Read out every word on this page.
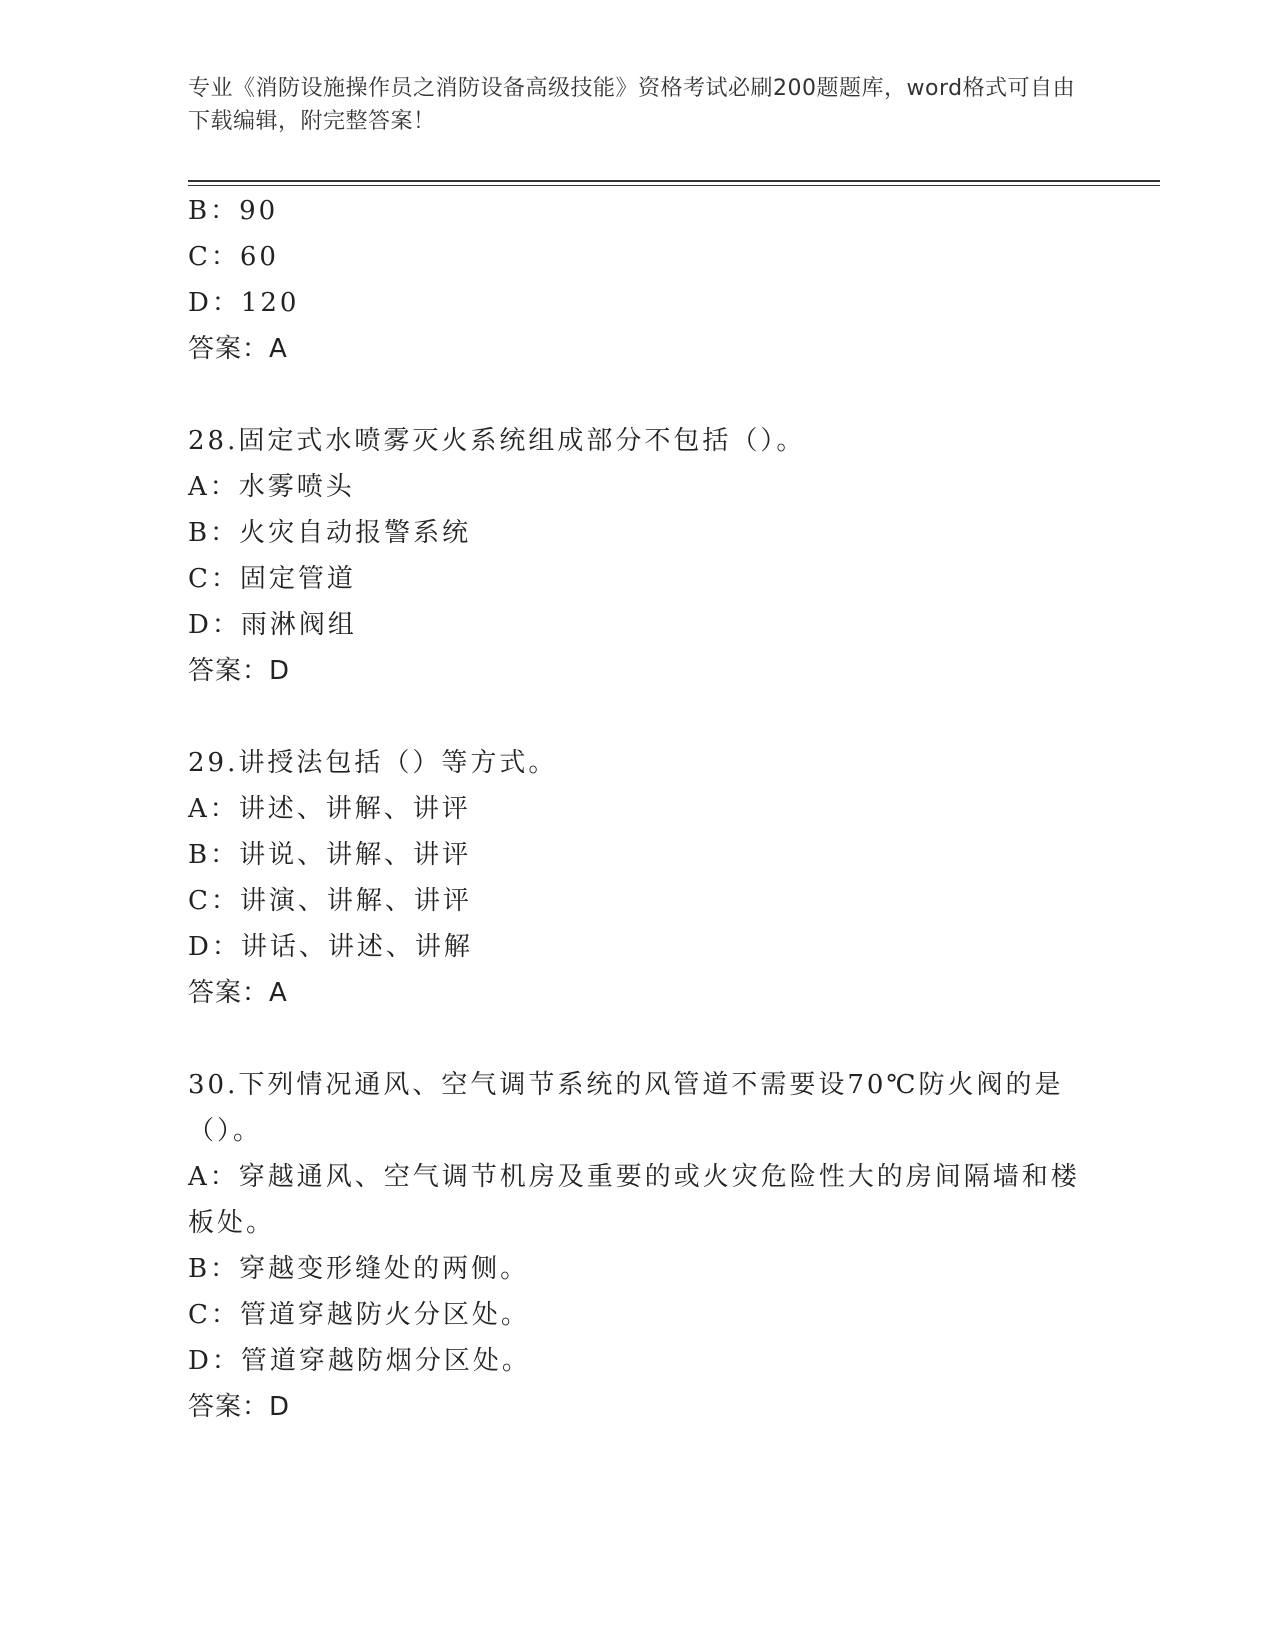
专业《消防设施操作员之消防设备高级技能》资格考试必刷200题题库，word格式可自由下载编辑，附完整答案！
B：90
C：60
D：120
答案：A
28.固定式水喷雾灭火系统组成部分不包括（）。
A：水雾喷头
B：火灾自动报警系统
C：固定管道
D：雨淋阀组
答案：D
29.讲授法包括（）等方式。
A：讲述、讲解、讲评
B：讲说、讲解、讲评
C：讲演、讲解、讲评
D：讲话、讲述、讲解
答案：A
30.下列情况通风、空气调节系统的风管道不需要设70℃防火阀的是（）。
A：穿越通风、空气调节机房及重要的或火灾危险性大的房间隔墙和楼板处。
B：穿越变形缝处的两侧。
C：管道穿越防火分区处。
D：管道穿越防烟分区处。
答案：D
